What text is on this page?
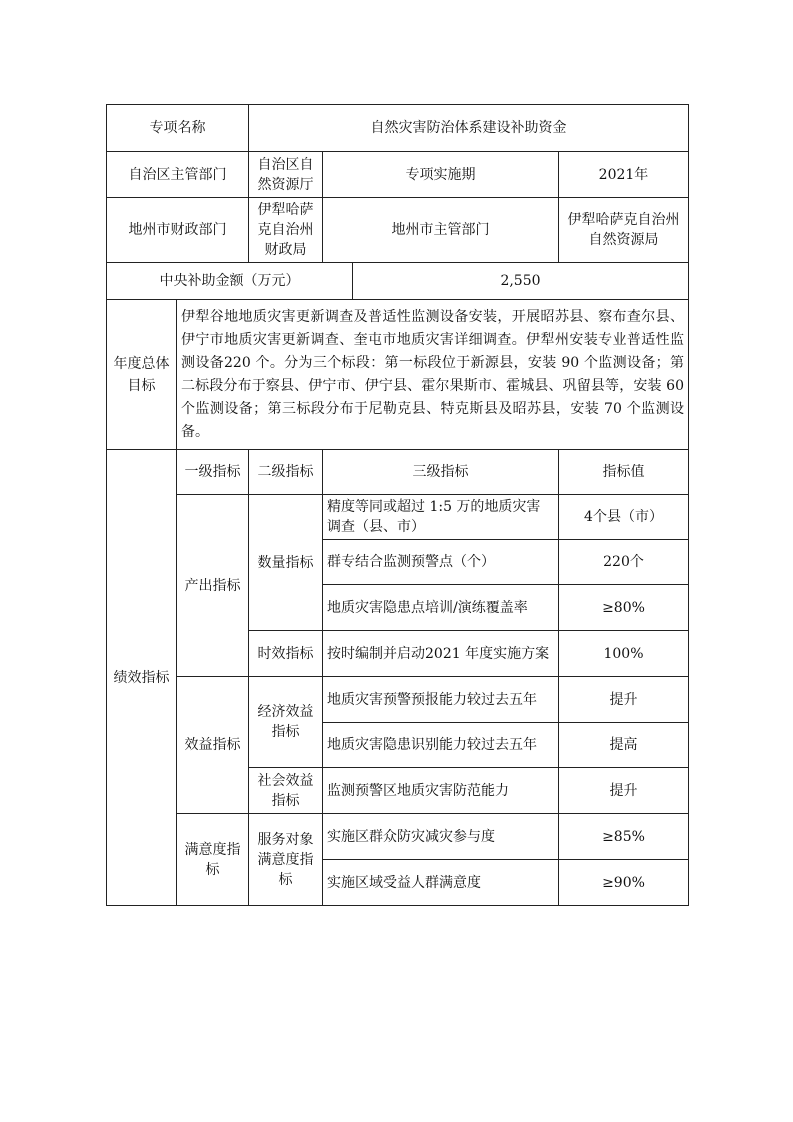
专项名称		自然灾害防治体系建设补助资金			
自治区主管部门		自治区自然资源厅	专项实施期		2021年
地州市财政部门		伊犁哈萨克自治州财政局	地州市主管部门		伊犁哈萨克自治州自然资源局
中央补助金额（万元）				2,550	
年度总体目标	伊犁谷地地质灾害更新调查及普适性监测设备安装，开展昭苏县、察布查尔县、伊宁市地质灾害更新调查、奎屯市地质灾害详细调查。伊犁州安装专业普适性监测设备220 个。分为三个标段：第一标段位于新源县，安装 90 个监测设备；第二标段分布于察县、伊宁市、伊宁县、霍尔果斯市、霍城县、巩留县等，安装 60 个监测设备；第三标段分布于尼勒克县、特克斯县及昭苏县，安装 70 个监测设备。				
绩效指标	一级指标	二级指标	三级指标		指标值
	产出指标	数量指标	精度等同或超过 1:5 万的地质灾害调查（县、市）		4个县（市）
			群专结合监测预警点（个）		220个
			地质灾害隐患点培训/演练覆盖率		≥80%
		时效指标	按时编制并启动2021 年度实施方案		100%
	效益指标	经济效益指标	地质灾害预警预报能力较过去五年		提升
			地质灾害隐患识别能力较过去五年		提高
		社会效益指标	监测预警区地质灾害防范能力		提升
	满意度指标	服务对象满意度指标	实施区群众防灾减灾参与度		≥85%
			实施区域受益人群满意度		≥90%
